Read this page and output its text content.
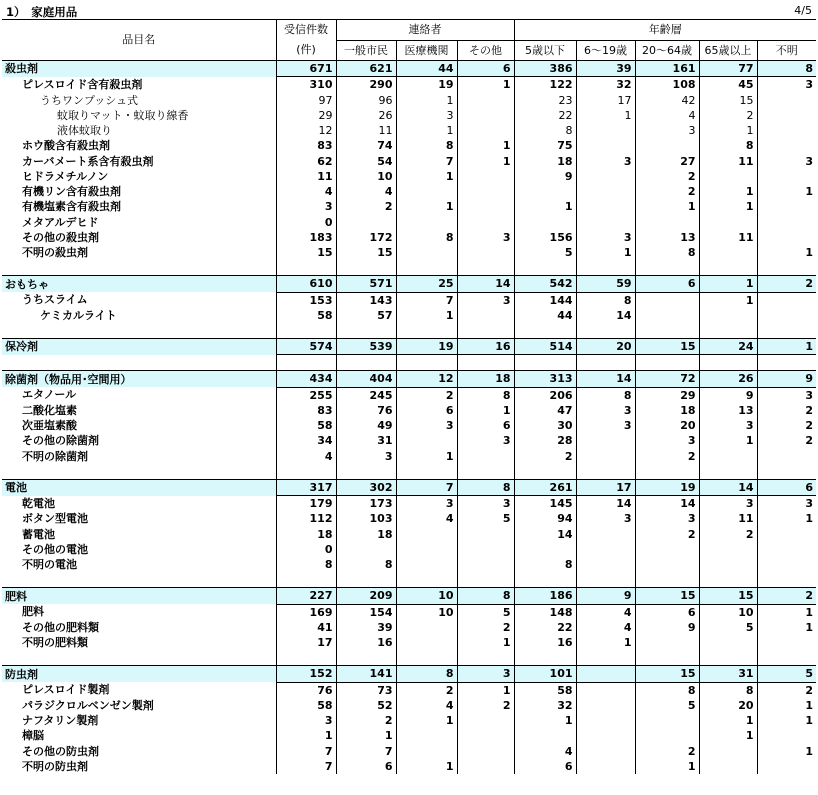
1）　家庭用品	4/5
品目名	受信件数	連絡者			年齢層				
	(件)	一般市民	医療機関	その他	5歳以下	6～19歳	20～64歳	65歳以上	不明
殺虫剤	671	621	44	6	386	39	161	77	8
ピレスロイド含有殺虫剤	310	290	19	1	122	32	108	45	3
うちワンプッシュ式	97	96	1		23	17	42	15	
蚊取りマット・蚊取り線香	29	26	3		22	1	4	2	
液体蚊取り	12	11	1		8		3	1	
ホウ酸含有殺虫剤	83	74	8	1	75			8	
カーバメート系含有殺虫剤	62	54	7	1	18	3	27	11	3
ヒドラメチルノン	11	10	1		9		2		
有機リン含有殺虫剤	4	4					2	1	1
有機塩素含有殺虫剤	3	2	1		1		1	1	
メタアルデヒド	0								
その他の殺虫剤	183	172	8	3	156	3	13	11	
不明の殺虫剤	15	15			5	1	8		1

おもちゃ	610	571	25	14	542	59	6	1	2
うちスライム	153	143	7	3	144	8		1	
ケミカルライト	58	57	1		44	14			

保冷剤	574	539	19	16	514	20	15	24	1

除菌剤（物品用･空間用）	434	404	12	18	313	14	72	26	9
エタノール	255	245	2	8	206	8	29	9	3
二酸化塩素	83	76	6	1	47	3	18	13	2
次亜塩素酸	58	49	3	6	30	3	20	3	2
その他の除菌剤	34	31		3	28		3	1	2
不明の除菌剤	4	3	1		2		2		

電池	317	302	7	8	261	17	19	14	6
乾電池	179	173	3	3	145	14	14	3	3
ボタン型電池	112	103	4	5	94	3	3	11	1
蓄電池	18	18			14		2	2	
その他の電池	0								
不明の電池	8	8			8				

肥料	227	209	10	8	186	9	15	15	2
肥料	169	154	10	5	148	4	6	10	1
その他の肥料類	41	39		2	22	4	9	5	1
不明の肥料類	17	16		1	16	1			

防虫剤	152	141	8	3	101		15	31	5
ピレスロイド製剤	76	73	2	1	58		8	8	2
パラジクロルベンゼン製剤	58	52	4	2	32		5	20	1
ナフタリン製剤	3	2	1		1			1	1
樟脳	1	1						1	
その他の防虫剤	7	7			4		2		1
不明の防虫剤	7	6	1		6		1		
